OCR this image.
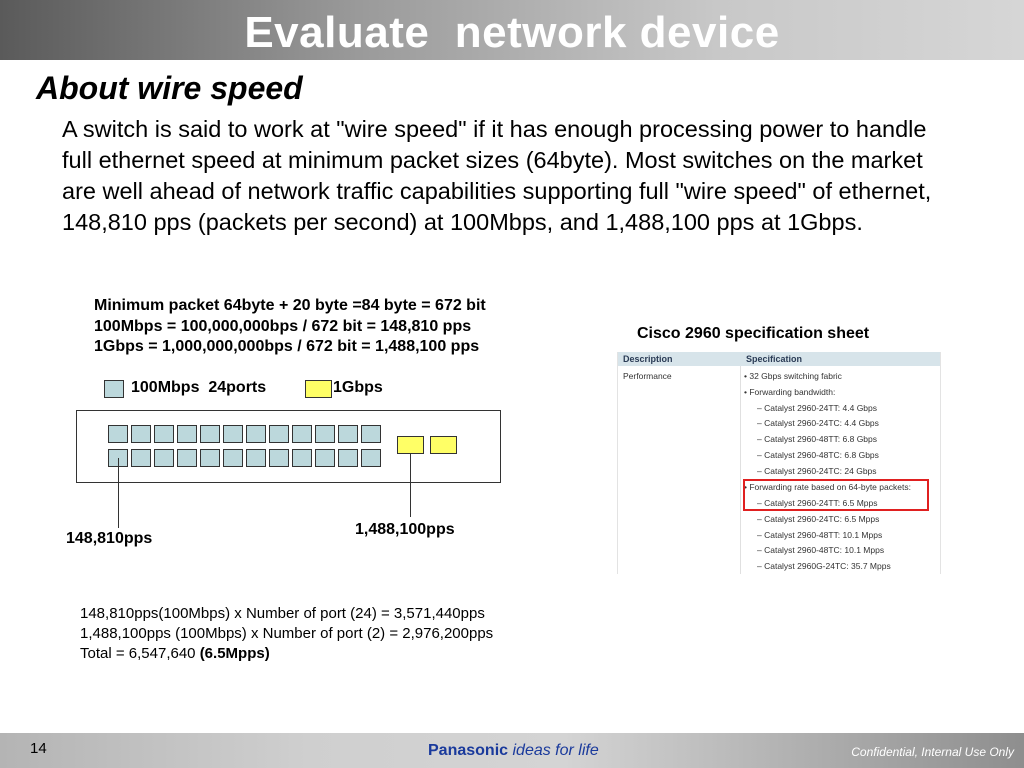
Evaluate  network device
About wire speed
A switch is said to work at "wire speed" if it has enough processing power to handle full ethernet speed at minimum packet sizes (64byte). Most switches on the market are well ahead of network traffic capabilities supporting full "wire speed" of ethernet, 148,810 pps (packets per second) at 100Mbps, and 1,488,100 pps at 1Gbps.
Minimum packet 64byte + 20 byte =84 byte = 672 bit
100Mbps = 100,000,000bps / 672 bit = 148,810 pps
1Gbps = 1,000,000,000bps / 672 bit = 1,488,100 pps
100Mbps  24ports	1Gbps
148,810pps
1,488,100pps
Cisco 2960 specification sheet
Description	Specification
Performance	• 32 Gbps switching fabric
• Forwarding bandwidth:
– Catalyst 2960-24TT: 4.4 Gbps
– Catalyst 2960-24TC: 4.4 Gbps
– Catalyst 2960-48TT: 6.8 Gbps
– Catalyst 2960-48TC: 6.8 Gbps
– Catalyst 2960-24TC: 24 Gbps
• Forwarding rate based on 64-byte packets:
– Catalyst 2960-24TT: 6.5 Mpps
– Catalyst 2960-24TC: 6.5 Mpps
– Catalyst 2960-48TT: 10.1 Mpps
– Catalyst 2960-48TC: 10.1 Mpps
– Catalyst 2960G-24TC: 35.7 Mpps
148,810pps(100Mbps) x Number of port (24) = 3,571,440pps
1,488,100pps (100Mbps) x Number of port (2) = 2,976,200pps
Total = 6,547,640 (6.5Mpps)
14	Panasonic ideas for life	Confidential, Internal Use Only
